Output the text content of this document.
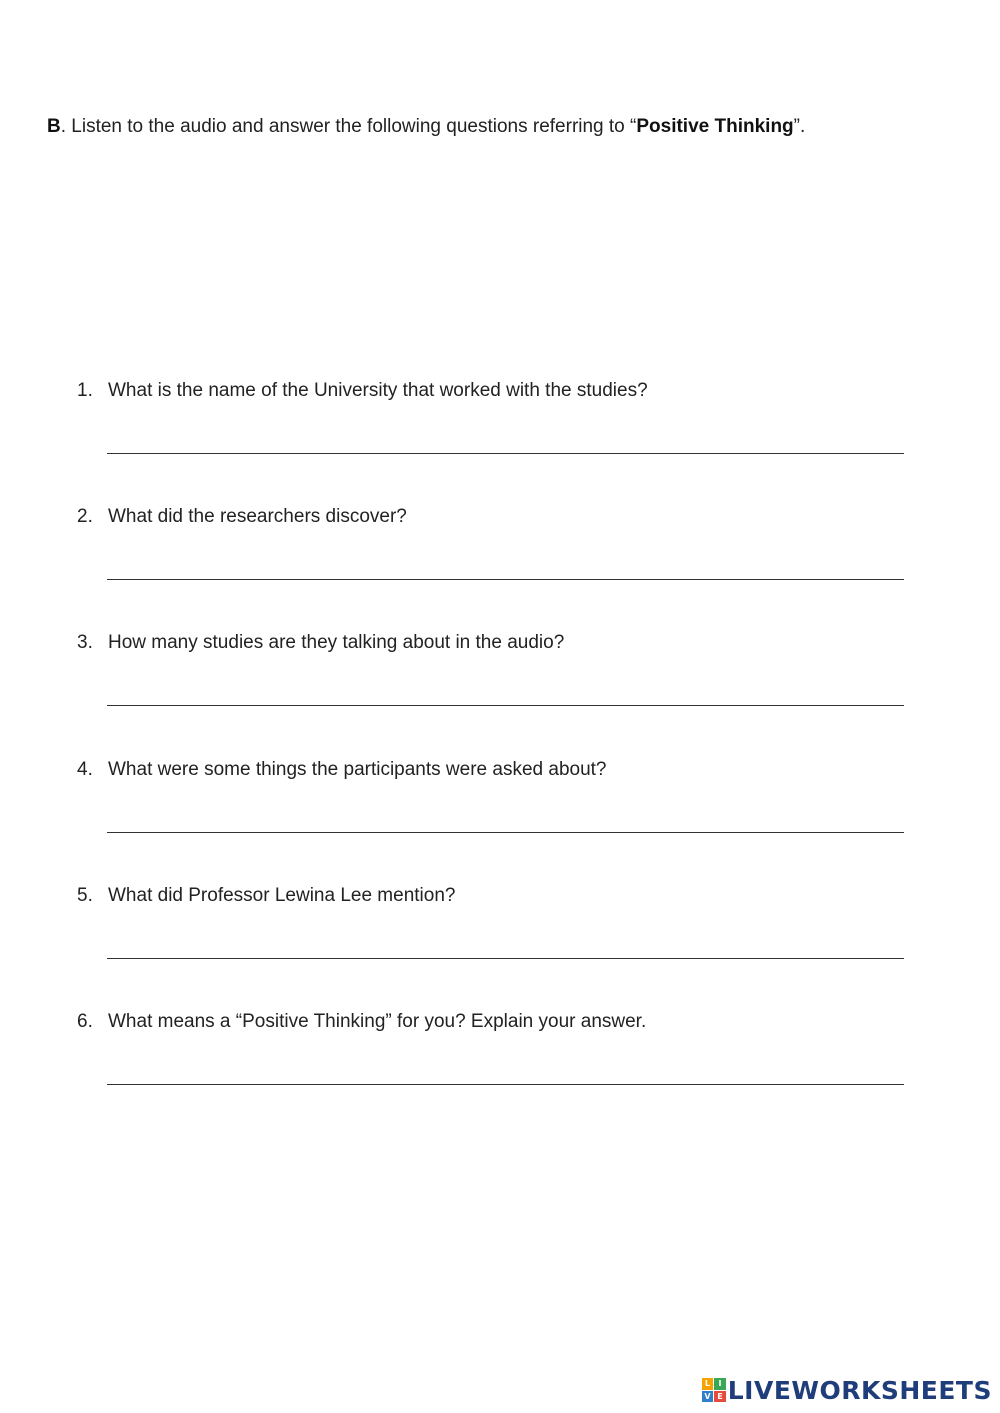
B. Listen to the audio and answer the following questions referring to “Positive Thinking”.
1. What is the name of the University that worked with the studies?
2. What did the researchers discover?
3. How many studies are they talking about in the audio?
4. What were some things the participants were asked about?
5. What did Professor Lewina Lee mention?
6. What means a “Positive Thinking” for you? Explain your answer.
L	I
V E LIVEWORKSHEETS
